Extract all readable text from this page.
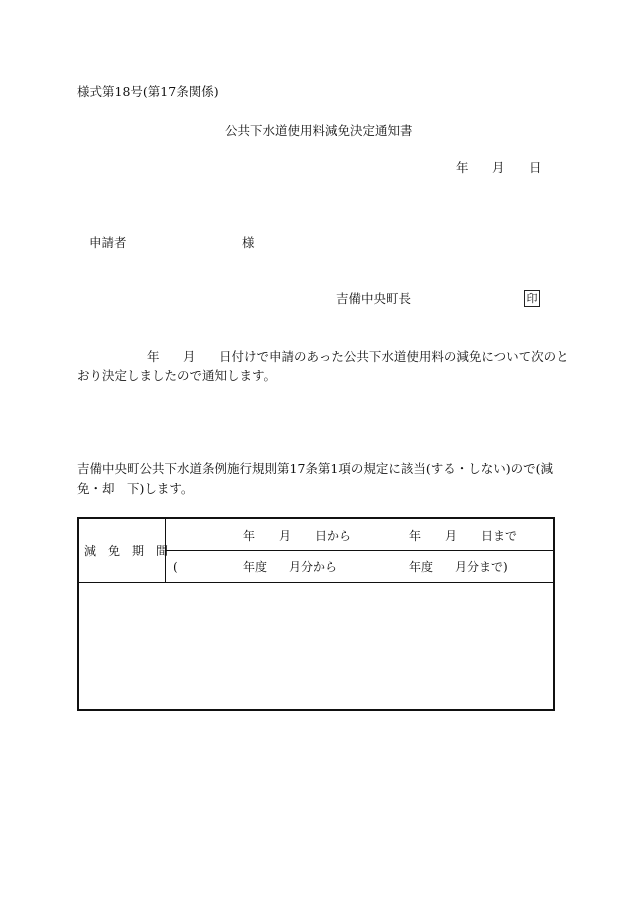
様式第18号(第17条関係)
公共下水道使用料減免決定通知書
年 月 日
申請者	様
吉備中央町長	印
年 月 日付けで申請のあった公共下水道使用料の減免について次のと
おり決定しましたので通知します。
吉備中央町公共下水道条例施行規則第17条第1項の規定に該当(する・しない)ので(減
免・却　下)します。
減　免　期　間
年 月 日から	年 月 日まで
(	年度 月分から	年度 月分まで)
